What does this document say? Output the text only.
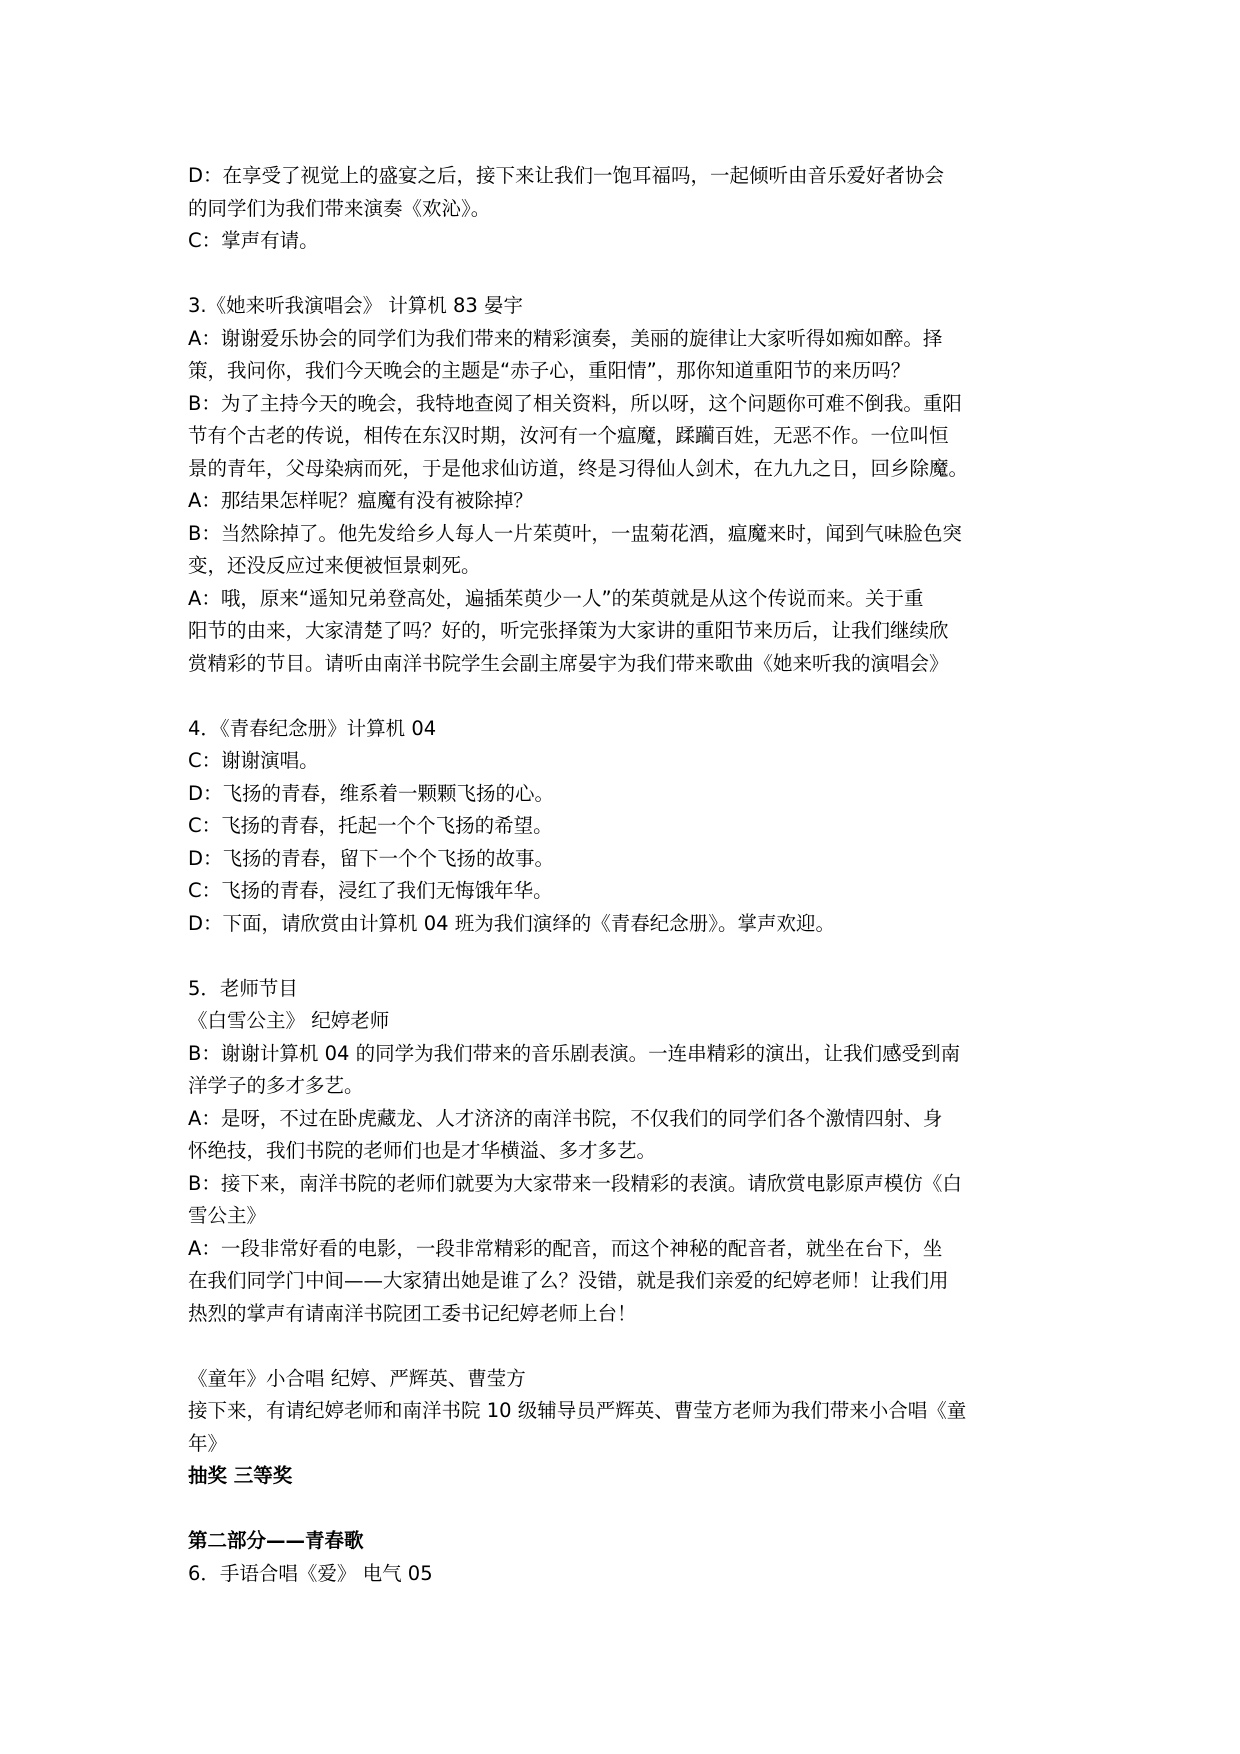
D：在享受了视觉上的盛宴之后，接下来让我们一饱耳福吗，一起倾听由音乐爱好者协会
的同学们为我们带来演奏《欢沁》。
C：掌声有请。
3.《她来听我演唱会》 计算机 83 晏宇
A：谢谢爱乐协会的同学们为我们带来的精彩演奏，美丽的旋律让大家听得如痴如醉。择
策，我问你，我们今天晚会的主题是“赤子心，重阳情”，那你知道重阳节的来历吗？
B：为了主持今天的晚会，我特地查阅了相关资料，所以呀，这个问题你可难不倒我。重阳
节有个古老的传说，相传在东汉时期，汝河有一个瘟魔，蹂躏百姓，无恶不作。一位叫恒
景的青年，父母染病而死，于是他求仙访道，终是习得仙人剑术，在九九之日，回乡除魔。
A：那结果怎样呢？瘟魔有没有被除掉？
B：当然除掉了。他先发给乡人每人一片茱萸叶，一盅菊花酒，瘟魔来时，闻到气味脸色突
变，还没反应过来便被恒景刺死。
A：哦，原来“遥知兄弟登高处，遍插茱萸少一人”的茱萸就是从这个传说而来。关于重
阳节的由来，大家清楚了吗？好的，听完张择策为大家讲的重阳节来历后，让我们继续欣
赏精彩的节目。请听由南洋书院学生会副主席晏宇为我们带来歌曲《她来听我的演唱会》
4．《青春纪念册》计算机 04
C：谢谢演唱。
D：飞扬的青春，维系着一颗颗飞扬的心。
C：飞扬的青春，托起一个个飞扬的希望。
D：飞扬的青春，留下一个个飞扬的故事。
C：飞扬的青春，浸红了我们无悔饿年华。
D：下面，请欣赏由计算机 04 班为我们演绎的《青春纪念册》。掌声欢迎。
5．老师节目
《白雪公主》 纪婷老师
B：谢谢计算机 04 的同学为我们带来的音乐剧表演。一连串精彩的演出，让我们感受到南
洋学子的多才多艺。
A：是呀，不过在卧虎藏龙、人才济济的南洋书院，不仅我们的同学们各个激情四射、身
怀绝技，我们书院的老师们也是才华横溢、多才多艺。
B：接下来，南洋书院的老师们就要为大家带来一段精彩的表演。请欣赏电影原声模仿《白
雪公主》
A：一段非常好看的电影，一段非常精彩的配音，而这个神秘的配音者，就坐在台下，坐
在我们同学门中间——大家猜出她是谁了么？没错，就是我们亲爱的纪婷老师！让我们用
热烈的掌声有请南洋书院团工委书记纪婷老师上台！
《童年》小合唱 纪婷、严辉英、曹莹方
接下来，有请纪婷老师和南洋书院 10 级辅导员严辉英、曹莹方老师为我们带来小合唱《童
年》
抽奖 三等奖
第二部分——青春歌
6．手语合唱《爱》 电气 05
